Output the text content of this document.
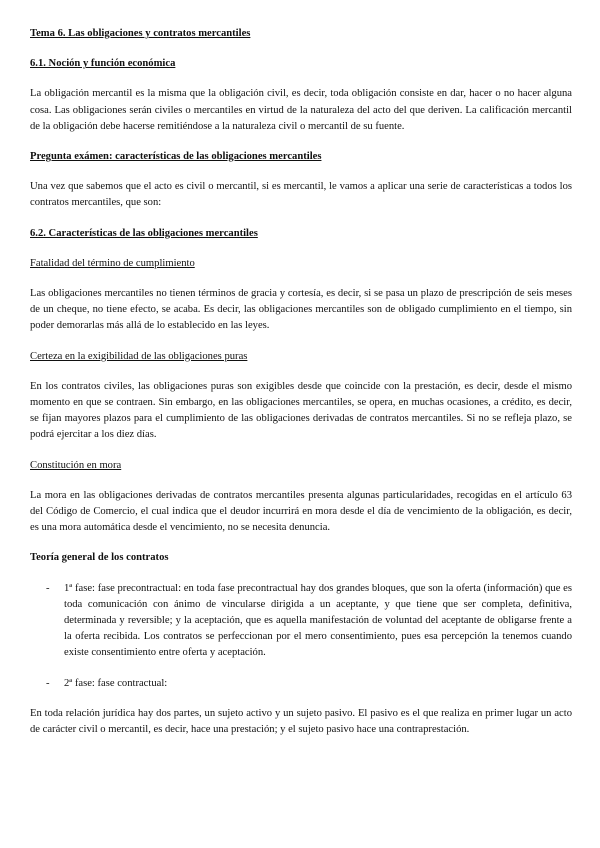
Tema 6. Las obligaciones y contratos mercantiles
6.1. Noción y función económica

La obligación mercantil es la misma que la obligación civil, es decir, toda obligación consiste en dar, hacer o no hacer alguna cosa. Las obligaciones serán civiles o mercantiles en virtud de la naturaleza del acto del que deriven. La calificación mercantil de la obligación debe hacerse remitiéndose a la naturaleza civil o mercantil de su fuente.

Pregunta exámen: características de las obligaciones mercantiles

Una vez que sabemos que el acto es civil o mercantil, si es mercantil, le vamos a aplicar una serie de características a todos los contratos mercantiles, que son:

6.2. Características de las obligaciones mercantiles
Fatalidad del término de cumplimiento

Las obligaciones mercantiles no tienen términos de gracia y cortesía, es decir, si se pasa un plazo de prescripción de seis meses de un cheque, no tiene efecto, se acaba. Es decir, las obligaciones mercantiles son de obligado cumplimiento en el tiempo, sin poder demorarlas más allá de lo establecido en las leyes.

Certeza en la exigibilidad de las obligaciones puras

En los contratos civiles, las obligaciones puras son exigibles desde que coincide con la prestación, es decir, desde el mismo momento en que se contraen. Sin embargo, en las obligaciones mercantiles, se opera, en muchas ocasiones, a crédito, es decir, se fijan mayores plazos para el cumplimiento de las obligaciones derivadas de contratos mercantiles. Si no se refleja plazo, se podrá ejercitar a los diez días.

Constitución en mora

La mora en las obligaciones derivadas de contratos mercantiles presenta algunas particularidades, recogidas en el artículo 63 del Código de Comercio, el cual indica que el deudor incurrirá en mora desde el día de vencimiento de la obligación, es decir, es una mora automática desde el vencimiento, no se necesita denuncia.

Teoría general de los contratos
-	1ª fase: fase precontractual: en toda fase precontractual hay dos grandes bloques, que son la oferta (información) que es toda comunicación con ánimo de vincularse dirigida a un aceptante, y que tiene que ser completa, definitiva, determinada y reversible; y la aceptación, que es aquella manifestación de voluntad del aceptante de obligarse frente a la oferta recibida. Los contratos se perfeccionan por el mero consentimiento, pues esa percepción la tenemos cuando existe consentimiento entre oferta y aceptación.
-	2ª fase: fase contractual:

En toda relación jurídica hay dos partes, un sujeto activo y un sujeto pasivo. El pasivo es el que realiza en primer lugar un acto de carácter civil o mercantil, es decir, hace una prestación; y el sujeto pasivo hace una contraprestación.
